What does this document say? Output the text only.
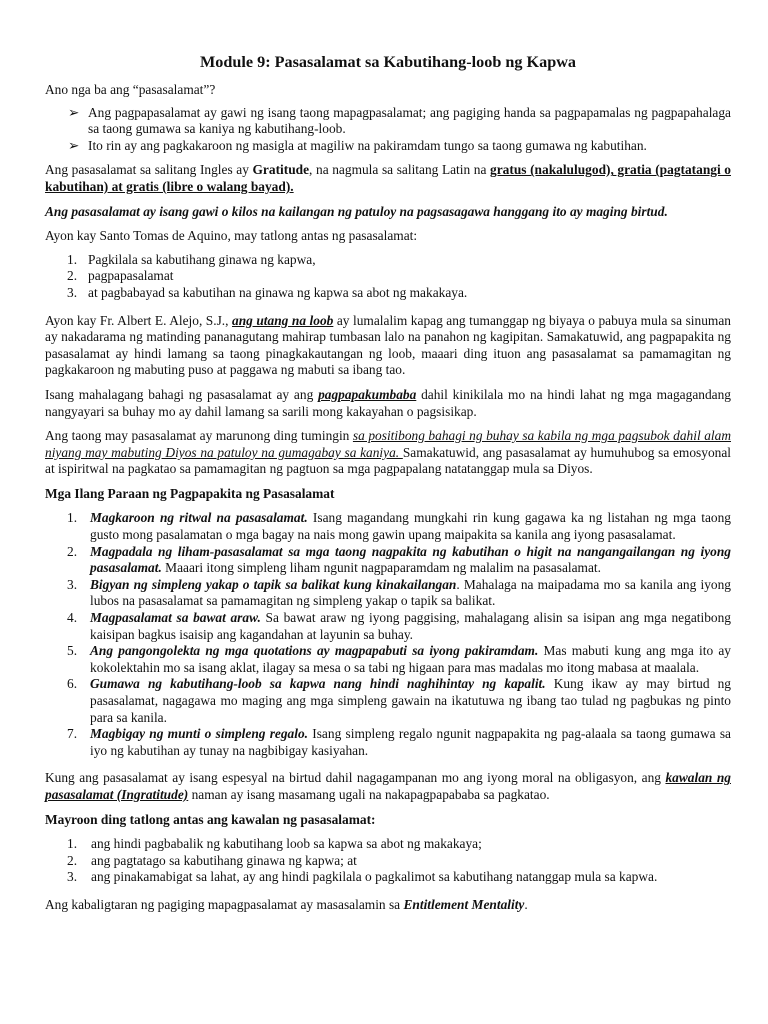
Module 9: Pasasalamat sa Kabutihang-loob ng Kapwa

Ano nga ba ang “pasasalamat”?

➢ Ang pagpapasalamat ay gawi ng isang taong mapagpasalamat; ang pagiging handa sa pagpapamalas ng pagpapahalaga sa taong gumawa sa kaniya ng kabutihang-loob.
➢ Ito rin ay ang pagkakaroon ng masigla at magiliw na pakiramdam tungo sa taong gumawa ng kabutihan.

Ang pasasalamat sa salitang Ingles ay Gratitude, na nagmula sa salitang Latin na gratus (nakalulugod), gratia (pagtatangi o kabutihan) at gratis (libre o walang bayad).

Ang pasasalamat ay isang gawi o kilos na kailangan ng patuloy na pagsasagawa hanggang ito ay maging birtud.

Ayon kay Santo Tomas de Aquino, may tatlong antas ng pasasalamat:

1. Pagkilala sa kabutihang ginawa ng kapwa,
2. pagpapasalamat
3. at pagbabayad sa kabutihan na ginawa ng kapwa sa abot ng makakaya.

Ayon kay Fr. Albert E. Alejo, S.J., ang utang na loob ay lumalalim kapag ang tumanggap ng biyaya o pabuya mula sa sinuman ay nakadarama ng matinding pananagutang mahirap tumbasan lalo na panahon ng kagipitan. Samakatuwid, ang pagpapakita ng pasasalamat ay hindi lamang sa taong pinagkakautangan ng loob, maaari ding ituon ang pasasalamat sa pamamagitan ng pagkakaroon ng mabuting puso at paggawa ng mabuti sa ibang tao.

Isang mahalagang bahagi ng pasasalamat ay ang pagpapakumbaba dahil kinikilala mo na hindi lahat ng mga magagandang nangyayari sa buhay mo ay dahil lamang sa sarili mong kakayahan o pagsisikap.

Ang taong may pasasalamat ay marunong ding tumingin sa positibong bahagi ng buhay sa kabila ng mga pagsubok dahil alam niyang may mabuting Diyos na patuloy na gumagabay sa kaniya. Samakatuwid, ang pasasalamat ay humuhubog sa emosyonal at ispiritwal na pagkatao sa pamamagitan ng pagtuon sa mga pagpapalang natatanggap mula sa Diyos.

Mga Ilang Paraan ng Pagpapakita ng Pasasalamat

1. Magkaroon ng ritwal na pasasalamat. Isang magandang mungkahi rin kung gagawa ka ng listahan ng mga taong gusto mong pasalamatan o mga bagay na nais mong gawin upang maipakita sa kanila ang iyong pasasalamat.
2. Magpadala ng liham-pasasalamat sa mga taong nagpakita ng kabutihan o higit na nangangailangan ng iyong pasasalamat. Maaari itong simpleng liham ngunit nagpaparamdam ng malalim na pasasalamat.
3. Bigyan ng simpleng yakap o tapik sa balikat kung kinakailangan. Mahalaga na maipadama mo sa kanila ang iyong lubos na pasasalamat sa pamamagitan ng simpleng yakap o tapik sa balikat.
4. Magpasalamat sa bawat araw. Sa bawat araw ng iyong paggising, mahalagang alisin sa isipan ang mga negatibong kaisipan bagkus isaisip ang kagandahan at layunin sa buhay.
5. Ang pangongolekta ng mga quotations ay magpapabuti sa iyong pakiramdam. Mas mabuti kung ang mga ito ay kokolektahin mo sa isang aklat, ilagay sa mesa o sa tabi ng higaan para mas madalas mo itong mabasa at maalala.
6. Gumawa ng kabutihang-loob sa kapwa nang hindi naghihintay ng kapalit. Kung ikaw ay may birtud ng pasasalamat, nagagawa mo maging ang mga simpleng gawain na ikatutuwa ng ibang tao tulad ng pagbukas ng pinto para sa kanila.
7. Magbigay ng munti o simpleng regalo. Isang simpleng regalo ngunit nagpapakita ng pag-alaala sa taong gumawa sa iyo ng kabutihan ay tunay na nagbibigay kasiyahan.

Kung ang pasasalamat ay isang espesyal na birtud dahil nagagampanan mo ang iyong moral na obligasyon, ang kawalan ng pasasalamat (Ingratitude) naman ay isang masamang ugali na nakapagpapababa sa pagkatao.

Mayroon ding tatlong antas ang kawalan ng pasasalamat:

1. ang hindi pagbabalik ng kabutihang loob sa kapwa sa abot ng makakaya;
2. ang pagtatago sa kabutihang ginawa ng kapwa; at
3. ang pinakamabigat sa lahat, ay ang hindi pagkilala o pagkalimot sa kabutihang natanggap mula sa kapwa.

Ang kabaligtaran ng pagiging mapagpasalamat ay masasalamin sa Entitlement Mentality.
